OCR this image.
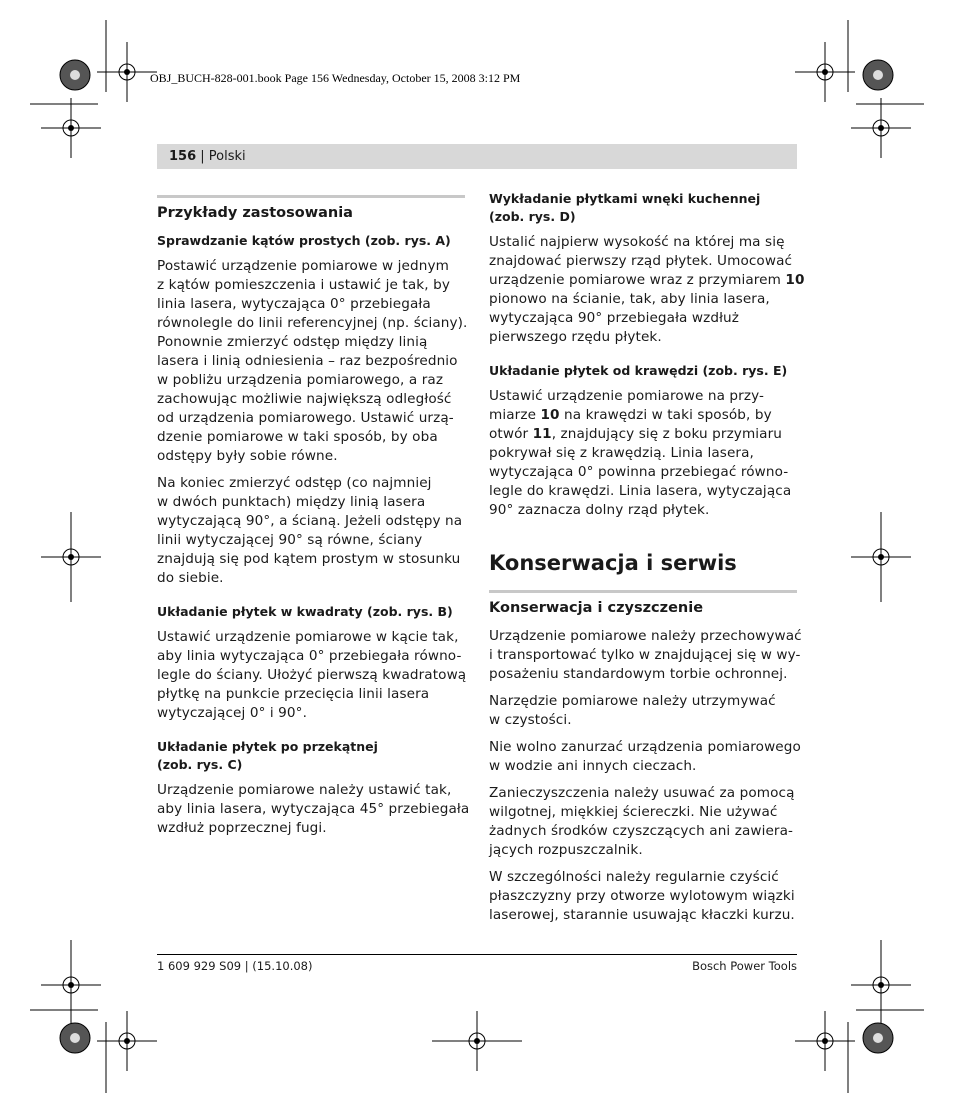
OBJ_BUCH-828-001.book Page 156 Wednesday, October 15, 2008 3:12 PM
156 | Polski
Przykłady zastosowania
Sprawdzanie kątów prostych (zob. rys. A)

Postawić urządzenie pomiarowe w jednym
z kątów pomieszczenia i ustawić je tak, by
linia lasera, wytyczająca 0° przebiegała
równolegle do linii referencyjnej (np. ściany).
Ponownie zmierzyć odstęp między linią
lasera i linią odniesienia – raz bezpośrednio
w pobliżu urządzenia pomiarowego, a raz
zachowując możliwie największą odległość
od urządzenia pomiarowego. Ustawić urzą-
dzenie pomiarowe w taki sposób, by oba
odstępy były sobie równe.

Na koniec zmierzyć odstęp (co najmniej
w dwóch punktach) między linią lasera
wytyczającą 90°, a ścianą. Jeżeli odstępy na
linii wytyczającej 90° są równe, ściany
znajdują się pod kątem prostym w stosunku
do siebie.

Układanie płytek w kwadraty (zob. rys. B)

Ustawić urządzenie pomiarowe w kącie tak,
aby linia wytyczająca 0° przebiegała równo-
legle do ściany. Ułożyć pierwszą kwadratową
płytkę na punkcie przecięcia linii lasera
wytyczającej 0° i 90°.

Układanie płytek po przekątnej
(zob. rys. C)

Urządzenie pomiarowe należy ustawić tak,
aby linia lasera, wytyczająca 45° przebiegała
wzdłuż poprzecznej fugi.

Wykładanie płytkami wnęki kuchennej
(zob. rys. D)

Ustalić najpierw wysokość na której ma się
znajdować pierwszy rząd płytek. Umocować
urządzenie pomiarowe wraz z przymiarem 10
pionowo na ścianie, tak, aby linia lasera,
wytyczająca 90° przebiegała wzdłuż
pierwszego rzędu płytek.

Układanie płytek od krawędzi (zob. rys. E)

Ustawić urządzenie pomiarowe na przy-
miarze 10 na krawędzi w taki sposób, by
otwór 11, znajdujący się z boku przymiaru
pokrywał się z krawędzią. Linia lasera,
wytyczająca 0° powinna przebiegać równo-
legle do krawędzi. Linia lasera, wytyczająca
90° zaznacza dolny rząd płytek.

Konserwacja i serwis
Konserwacja i czyszczenie

Urządzenie pomiarowe należy przechowywać
i transportować tylko w znajdującej się w wy-
posażeniu standardowym torbie ochronnej.

Narzędzie pomiarowe należy utrzymywać
w czystości.

Nie wolno zanurzać urządzenia pomiarowego
w wodzie ani innych cieczach.

Zanieczyszczenia należy usuwać za pomocą
wilgotnej, miękkiej ściereczki. Nie używać
żadnych środków czyszczących ani zawiera-
jących rozpuszczalnik.

W szczególności należy regularnie czyścić
płaszczyzny przy otworze wylotowym wiązki
laserowej, starannie usuwając kłaczki kurzu.

1 609 929 S09 | (15.10.08)	Bosch Power Tools
